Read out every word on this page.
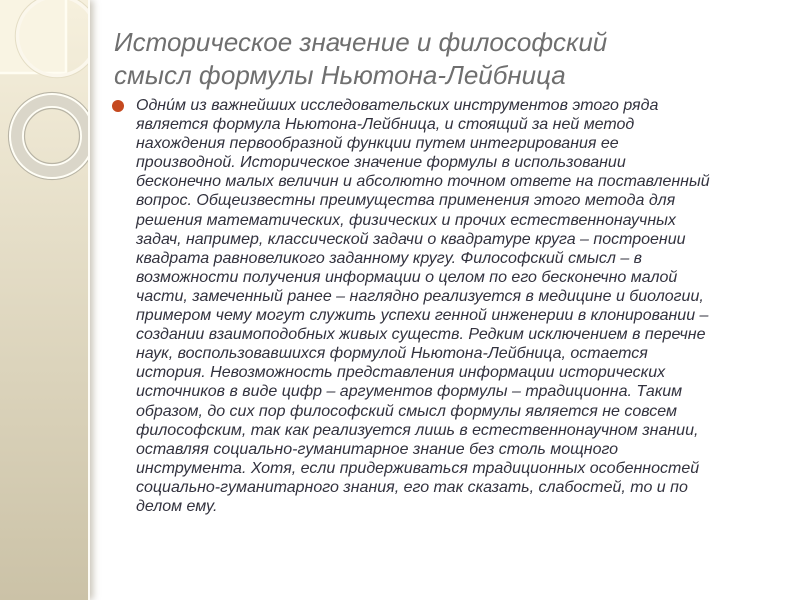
Историческое значение и философский смысл формулы Ньютона-Лейбница
Одни́м из важнейших исследовательских инструментов этого ряда
является формула Ньютона-Лейбница, и стоящий за ней метод
нахождения первообразной функции путем интегрирования ее
производной. Историческое значение формулы в использовании
бесконечно малых величин и абсолютно точном ответе на поставленный
вопрос. Общеизвестны преимущества применения этого метода для
решения математических, физических и прочих естественнонаучных
задач, например, классической задачи о квадратуре круга – построении
квадрата равновеликого заданному кругу. Философский смысл – в
возможности получения информации о целом по его бесконечно малой
части, замеченный ранее – наглядно реализуется в медицине и биологии,
примером чему могут служить успехи генной инженерии в клонировании –
создании взаимоподобных живых существ. Редким исключением в перечне
наук, воспользовавшихся формулой Ньютона-Лейбница, остается
история. Невозможность представления информации исторических
источников в виде цифр – аргументов формулы – традиционна. Таким
образом, до сих пор философский смысл формулы является не совсем
философским, так как реализуется лишь в естественнонаучном знании,
оставляя социально-гуманитарное знание без столь мощного
инструмента. Хотя, если придерживаться традиционных особенностей
социально-гуманитарного знания, его так сказать, слабостей, то и по
делом ему.
